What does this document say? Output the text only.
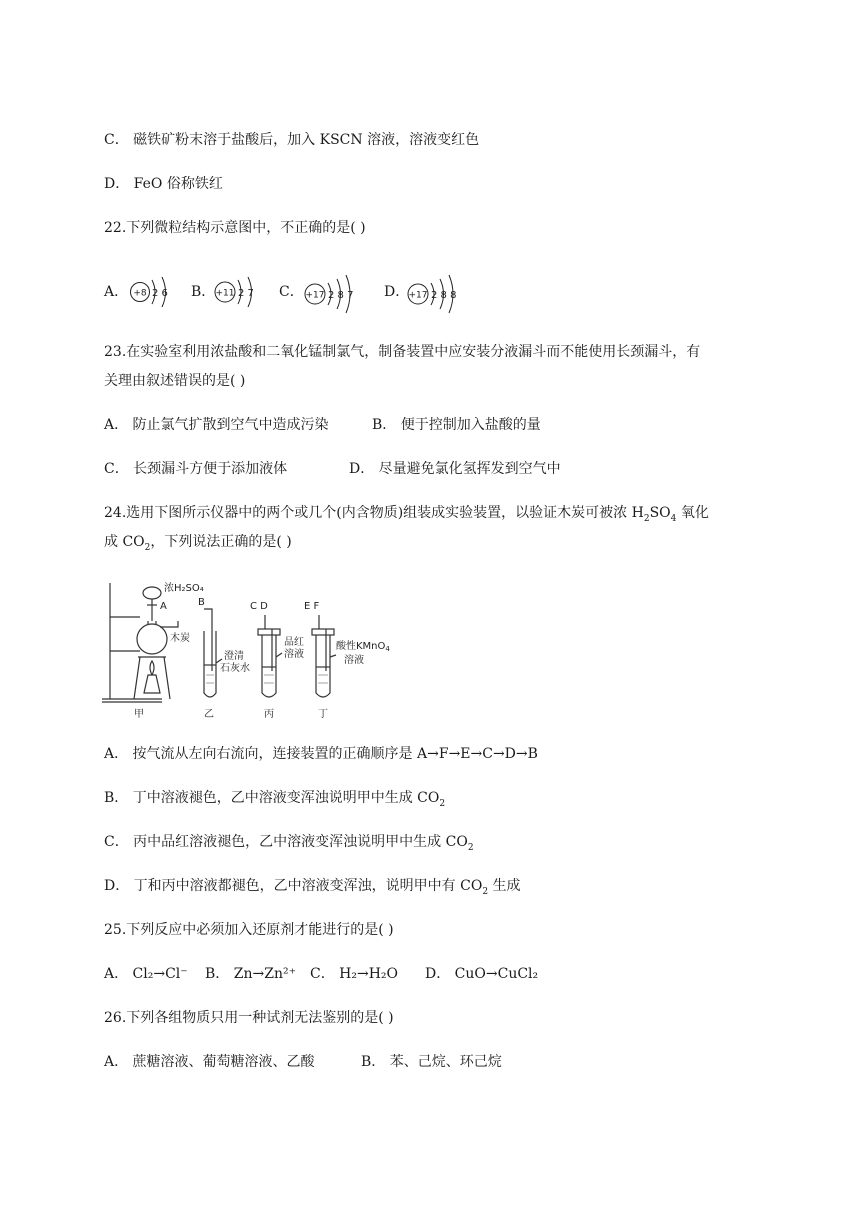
C． 磁铁矿粉末溶于盐酸后，加入 KSCN 溶液，溶液变红色
D． FeO 俗称铁红
22.下列微粒结构示意图中，不正确的是( )
A． +8 2 6 B． +11 2 7 C． +17 2 8 7 D． +17 2 8 8
23.在实验室利用浓盐酸和二氧化锰制氯气，制备装置中应安装分液漏斗而不能使用长颈漏斗，有
关理由叙述错误的是( )
A． 防止氯气扩散到空气中造成污染	B． 便于控制加入盐酸的量
C． 长颈漏斗方便于添加液体	D． 尽量避免氯化氢挥发到空气中
24.选用下图所示仪器中的两个或几个(内含物质)组装成实验装置，以验证木炭可被浓 $H_2SO_4$ 氧化
成 $CO_2$，下列说法正确的是( )
浓H₂SO₄
A
木炭
B	C D	E F
澄清
石灰水
品红
溶液
酸性KMnO$_4$
溶液
甲	乙	丙	丁
A． 按气流从左向右流向，连接装置的正确顺序是 A→F→E→C→D→B
B． 丁中溶液褪色，乙中溶液变浑浊说明甲中生成 $CO_2$
C． 丙中品红溶液褪色，乙中溶液变浑浊说明甲中生成 $CO_2$
D． 丁和丙中溶液都褪色，乙中溶液变浑浊，说明甲中有 $CO_2$ 生成
25.下列反应中必须加入还原剂才能进行的是( )
A． Cl₂→Cl⁻ B． Zn→Zn²⁺ C． H₂→H₂O D． CuO→CuCl₂
26.下列各组物质只用一种试剂无法鉴别的是( )
A． 蔗糖溶液、葡萄糖溶液、乙酸	B． 苯、己烷、环己烷
